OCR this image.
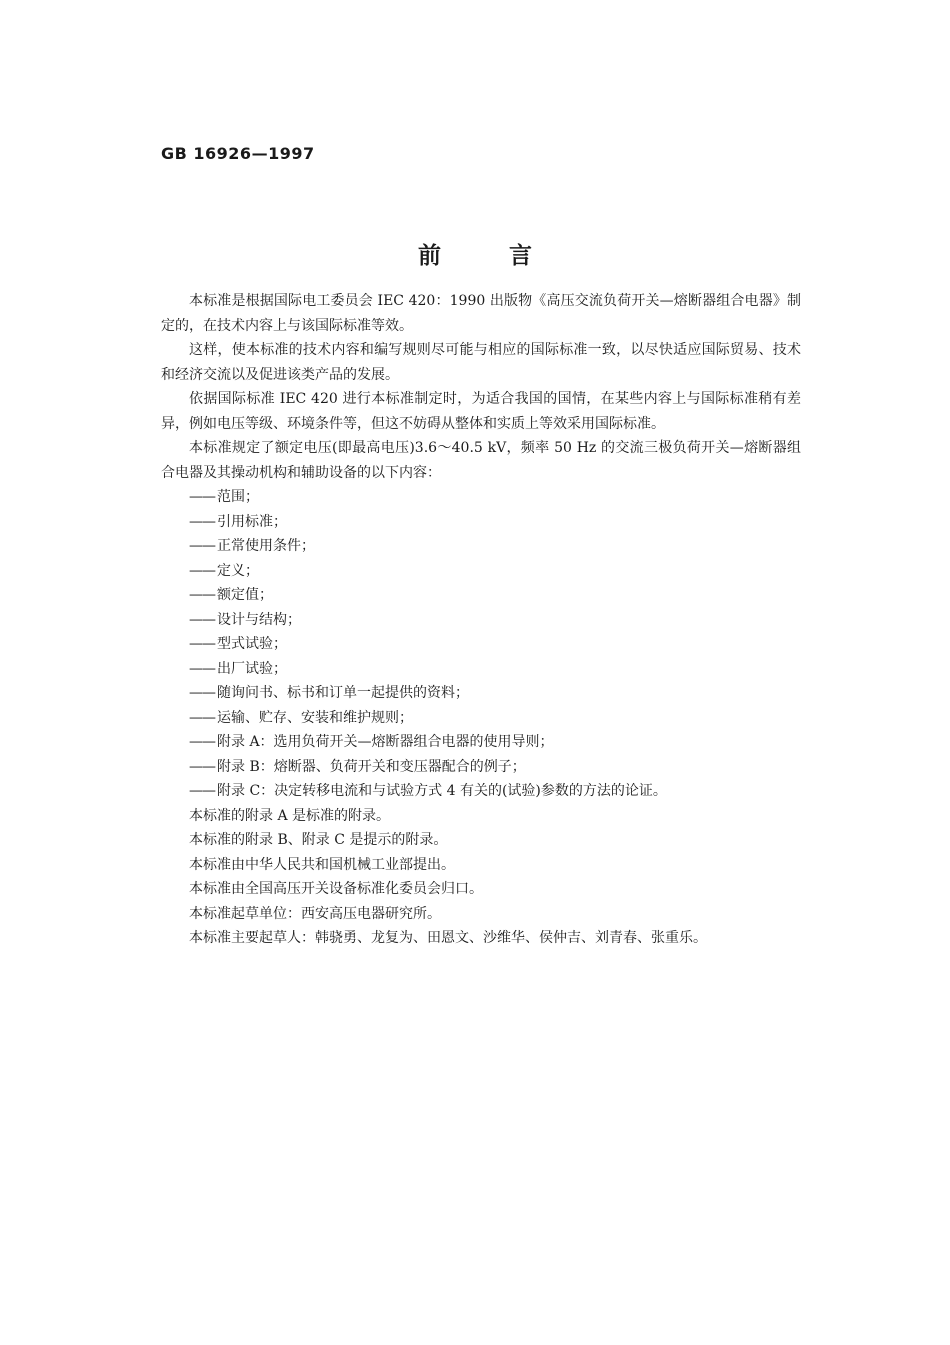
GB 16926—1997
前	言

本标准是根据国际电工委员会 IEC 420：1990 出版物《高压交流负荷开关—熔断器组合电器》制定的，在技术内容上与该国际标准等效。

这样，使本标准的技术内容和编写规则尽可能与相应的国际标准一致，以尽快适应国际贸易、技术和经济交流以及促进该类产品的发展。

依据国际标准 IEC 420 进行本标准制定时，为适合我国的国情，在某些内容上与国际标准稍有差异，例如电压等级、环境条件等，但这不妨碍从整体和实质上等效采用国际标准。

本标准规定了额定电压(即最高电压)3.6～40.5 kV，频率 50 Hz 的交流三极负荷开关—熔断器组合电器及其操动机构和辅助设备的以下内容：

—— 范围；

—— 引用标准；

—— 正常使用条件；

—— 定义；

—— 额定值；

—— 设计与结构；

—— 型式试验；

—— 出厂试验；

—— 随询问书、标书和订单一起提供的资料；

—— 运输、贮存、安装和维护规则；

—— 附录 A：选用负荷开关—熔断器组合电器的使用导则；

—— 附录 B：熔断器、负荷开关和变压器配合的例子；

—— 附录 C：决定转移电流和与试验方式 4 有关的(试验)参数的方法的论证。

本标准的附录 A 是标准的附录。

本标准的附录 B、附录 C 是提示的附录。

本标准由中华人民共和国机械工业部提出。

本标准由全国高压开关设备标准化委员会归口。

本标准起草单位：西安高压电器研究所。

本标准主要起草人：韩骁勇、龙复为、田恩文、沙维华、侯仲吉、刘青春、张重乐。
